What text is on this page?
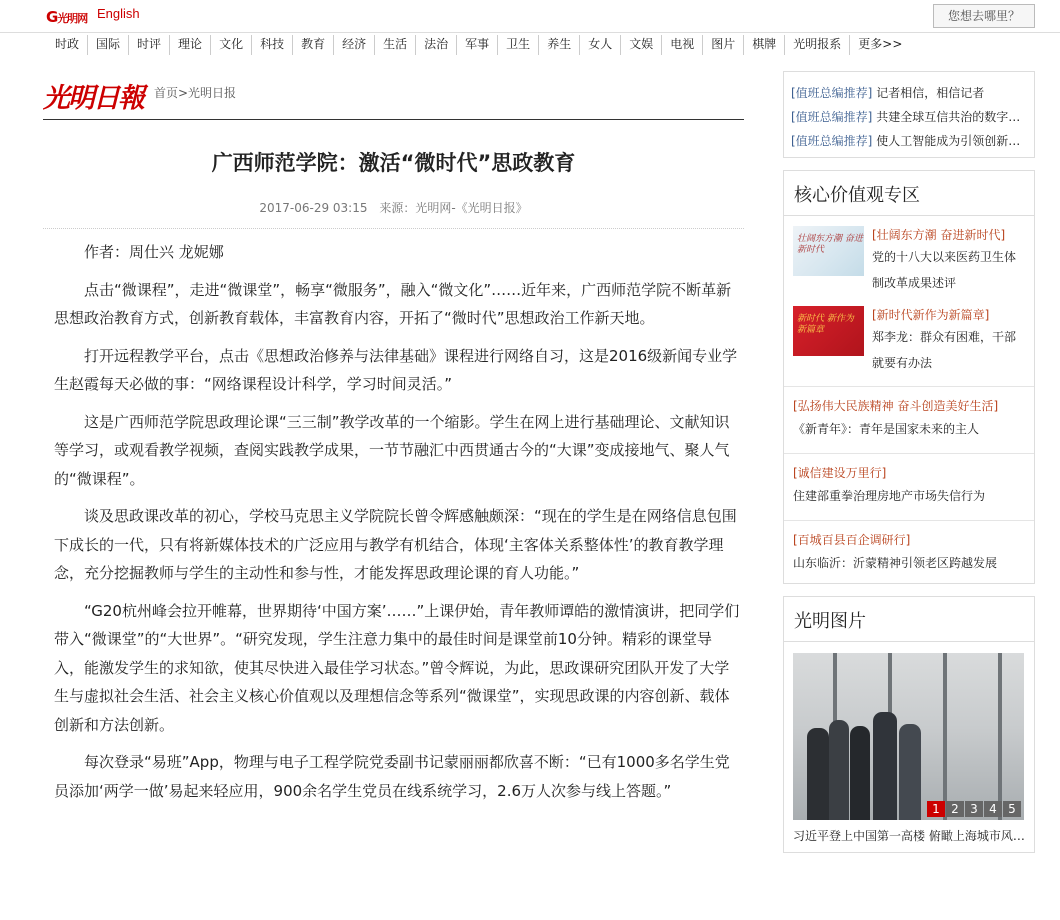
G光明网 English	您想去哪里？
时政	国际	时评	理论	文化	科技	教育	经济	生活	法治	军事	卫生	养生	女人	文娱	电视	图片	棋牌	光明报系	更多>>
光明日報 首页>光明日报
广西师范学院：激活“微时代”思政教育
2017-06-29 03:15 来源：光明网-《光明日报》

作者：周仕兴 龙妮娜

点击“微课程”，走进“微课堂”，畅享“微服务”，融入“微文化”……近年来，广西师范学院不断革新思想政治教育方式，创新教育载体，丰富教育内容，开拓了“微时代”思想政治工作新天地。

打开远程教学平台，点击《思想政治修养与法律基础》课程进行网络自习，这是2016级新闻专业学生赵霞每天必做的事：“网络课程设计科学，学习时间灵活。”

这是广西师范学院思政理论课“三三制”教学改革的一个缩影。学生在网上进行基础理论、文献知识等学习，或观看教学视频，查阅实践教学成果，一节节融汇中西贯通古今的“大课”变成接地气、聚人气的“微课程”。

谈及思政课改革的初心，学校马克思主义学院院长曾令辉感触颇深：“现在的学生是在网络信息包围下成长的一代，只有将新媒体技术的广泛应用与教学有机结合，体现‘主客体关系整体性’的教育教学理念，充分挖掘教师与学生的主动性和参与性，才能发挥思政理论课的育人功能。”

“G20杭州峰会拉开帷幕，世界期待‘中国方案’……”上课伊始，青年教师谭皓的激情演讲，把同学们带入“微课堂”的“大世界”。“研究发现，学生注意力集中的最佳时间是课堂前10分钟。精彩的课堂导入，能激发学生的求知欲，使其尽快进入最佳学习状态。”曾令辉说，为此，思政课研究团队开发了大学生与虚拟社会生活、社会主义核心价值观以及理想信念等系列“微课堂”，实现思政课的内容创新、载体创新和方法创新。

每次登录“易班”App，物理与电子工程学院党委副书记蒙丽丽都欣喜不断：“已有1000多名学生党员添加‘两学一做’易起来轻应用，900余名学生党员在线系统学习，2.6万人次参与线上答题。”

[值班总编推荐] 记者相信，相信记者
[值班总编推荐] 共建全球互信共治的数字…
[值班总编推荐] 使人工智能成为引领创新…
核心价值观专区
壮阔东方潮 奋进新时代
[壮阔东方潮 奋进新时代]
党的十八大以来医药卫生体制改革成果述评
新时代 新作为 新篇章
[新时代新作为新篇章]
郑李龙：群众有困难，干部就要有办法
[弘扬伟大民族精神 奋斗创造美好生活]
《新青年》：青年是国家未来的主人
[诚信建设万里行]
住建部重拳治理房地产市场失信行为
[百城百县百企调研行]
山东临沂：沂蒙精神引领老区跨越发展
光明图片
1 2 3 4 5
习近平登上中国第一高楼 俯瞰上海城市风…
